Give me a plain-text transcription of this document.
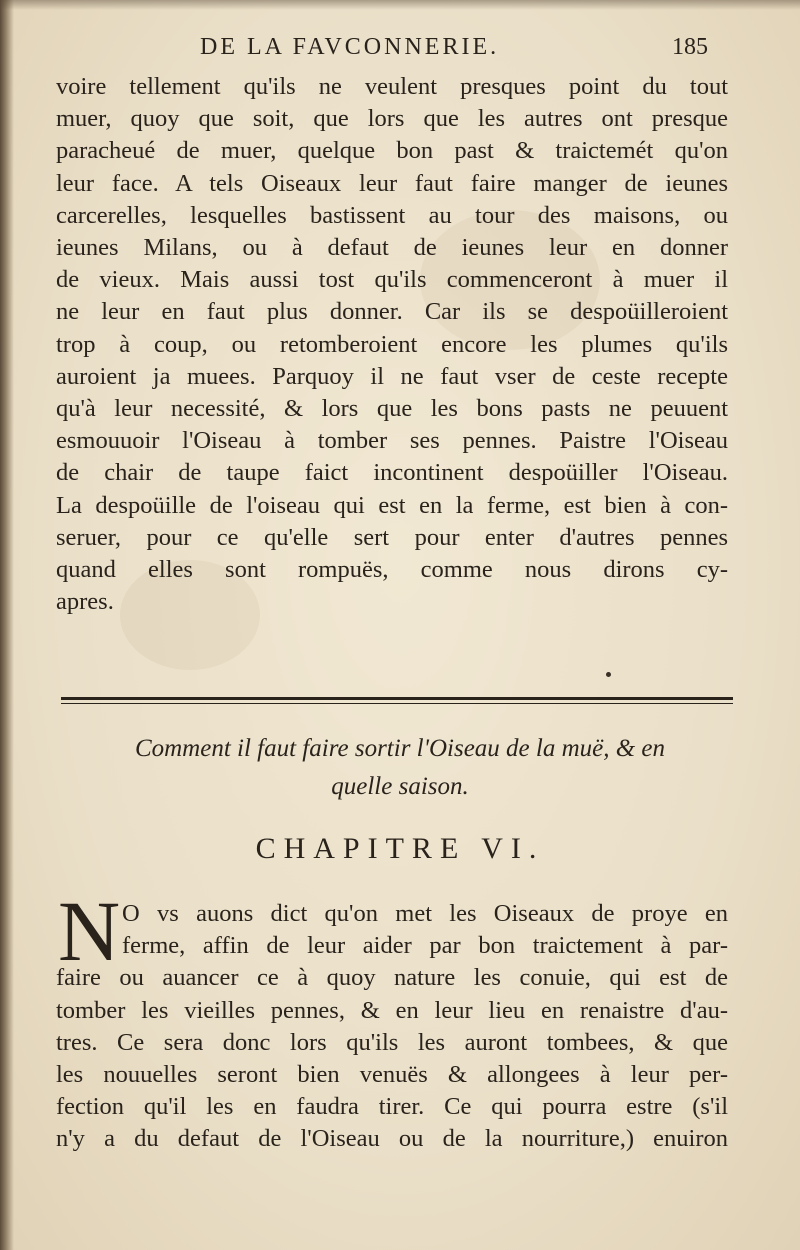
DE LA FAVCONNERIE.	185
voire tellement qu'ils ne veulent presques point du tout
muer, quoy que soit, que lors que les autres ont presque
paracheué de muer, quelque bon past & traictemét qu'on
leur face. A tels Oiseaux leur faut faire manger de ieunes
carcerelles, lesquelles bastissent au tour des maisons, ou
ieunes Milans, ou à defaut de ieunes leur en donner
de vieux. Mais aussi tost qu'ils commenceront à muer il
ne leur en faut plus donner. Car ils se despoüilleroient
trop à coup, ou retomberoient encore les plumes qu'ils
auroient ja muees. Parquoy il ne faut vser de ceste recepte
qu'à leur necessité, & lors que les bons pasts ne peuuent
esmouuoir l'Oiseau à tomber ses pennes. Paistre l'Oiseau
de chair de taupe faict incontinent despoüiller l'Oiseau.
La despoüille de l'oiseau qui est en la ferme, est bien à con-
seruer, pour ce qu'elle sert pour enter d'autres pennes
quand elles sont rompuës, comme nous dirons cy-
apres.
Comment il faut faire sortir l'Oiseau de la muë, & en
quelle saison.
CHAPITRE VI.
N O vs auons dict qu'on met les Oiseaux de proye en
ferme, affin de leur aider par bon traictement à par-
faire ou auancer ce à quoy nature les conuie, qui est de
tomber les vieilles pennes, & en leur lieu en renaistre d'au-
tres. Ce sera donc lors qu'ils les auront tombees, & que
les nouuelles seront bien venuës & allongees à leur per-
fection qu'il les en faudra tirer. Ce qui pourra estre (s'il
n'y a du defaut de l'Oiseau ou de la nourriture,) enuiron
